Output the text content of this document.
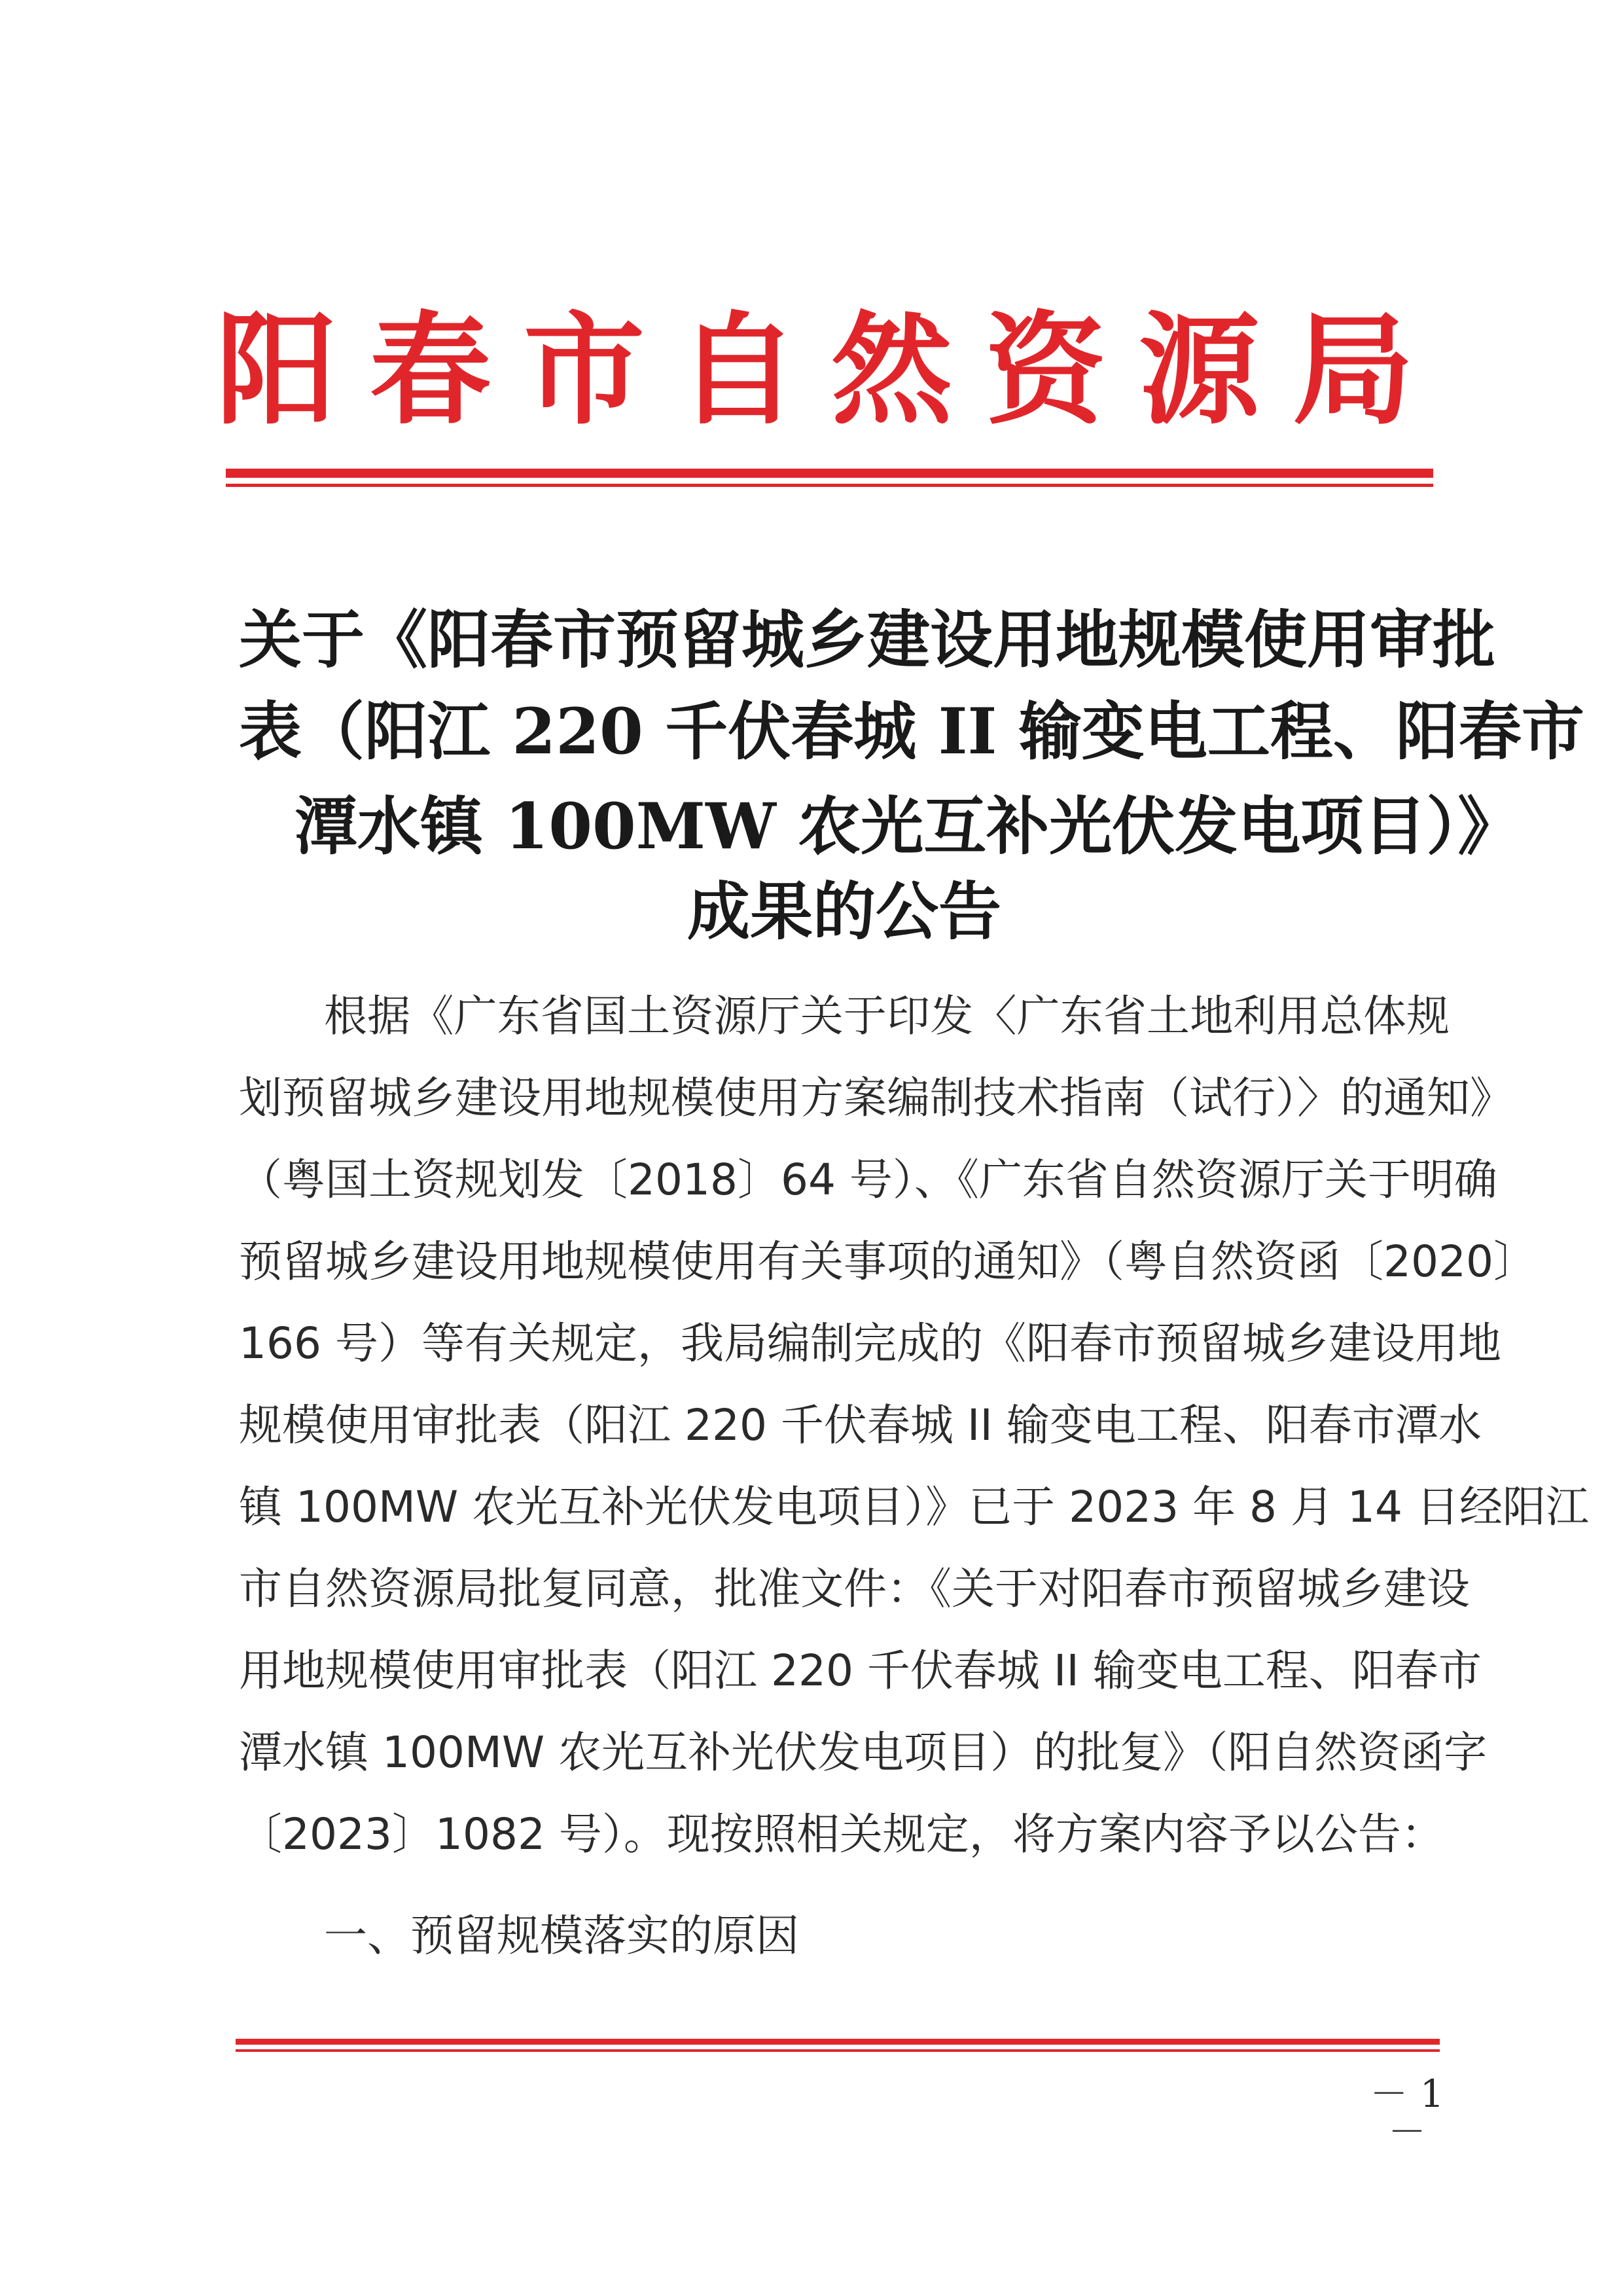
阳 春 市 自 然 资 源 局
关于《阳春市预留城乡建设用地规模使用审批
表（阳江 220 千伏春城 II 输变电工程、阳春市
潭水镇 100MW 农光互补光伏发电项目）》
成果的公告
根据《广东省国土资源厅关于印发〈广东省土地利用总体规
划预留城乡建设用地规模使用方案编制技术指南（试行）〉的通知》
（粤国土资规划发〔2018〕64 号）、《广东省自然资源厅关于明确
预留城乡建设用地规模使用有关事项的通知》（粤自然资函〔2020〕
166 号）等有关规定，我局编制完成的《阳春市预留城乡建设用地
规模使用审批表（阳江 220 千伏春城 II 输变电工程、阳春市潭水
镇 100MW 农光互补光伏发电项目）》已于 2023 年 8 月 14 日经阳江
市自然资源局批复同意，批准文件：《关于对阳春市预留城乡建设
用地规模使用审批表（阳江 220 千伏春城 II 输变电工程、阳春市
潭水镇 100MW 农光互补光伏发电项目）的批复》（阳自然资函字
〔2023〕1082 号）。现按照相关规定，将方案内容予以公告：
一、预留规模落实的原因
－ 1 －
